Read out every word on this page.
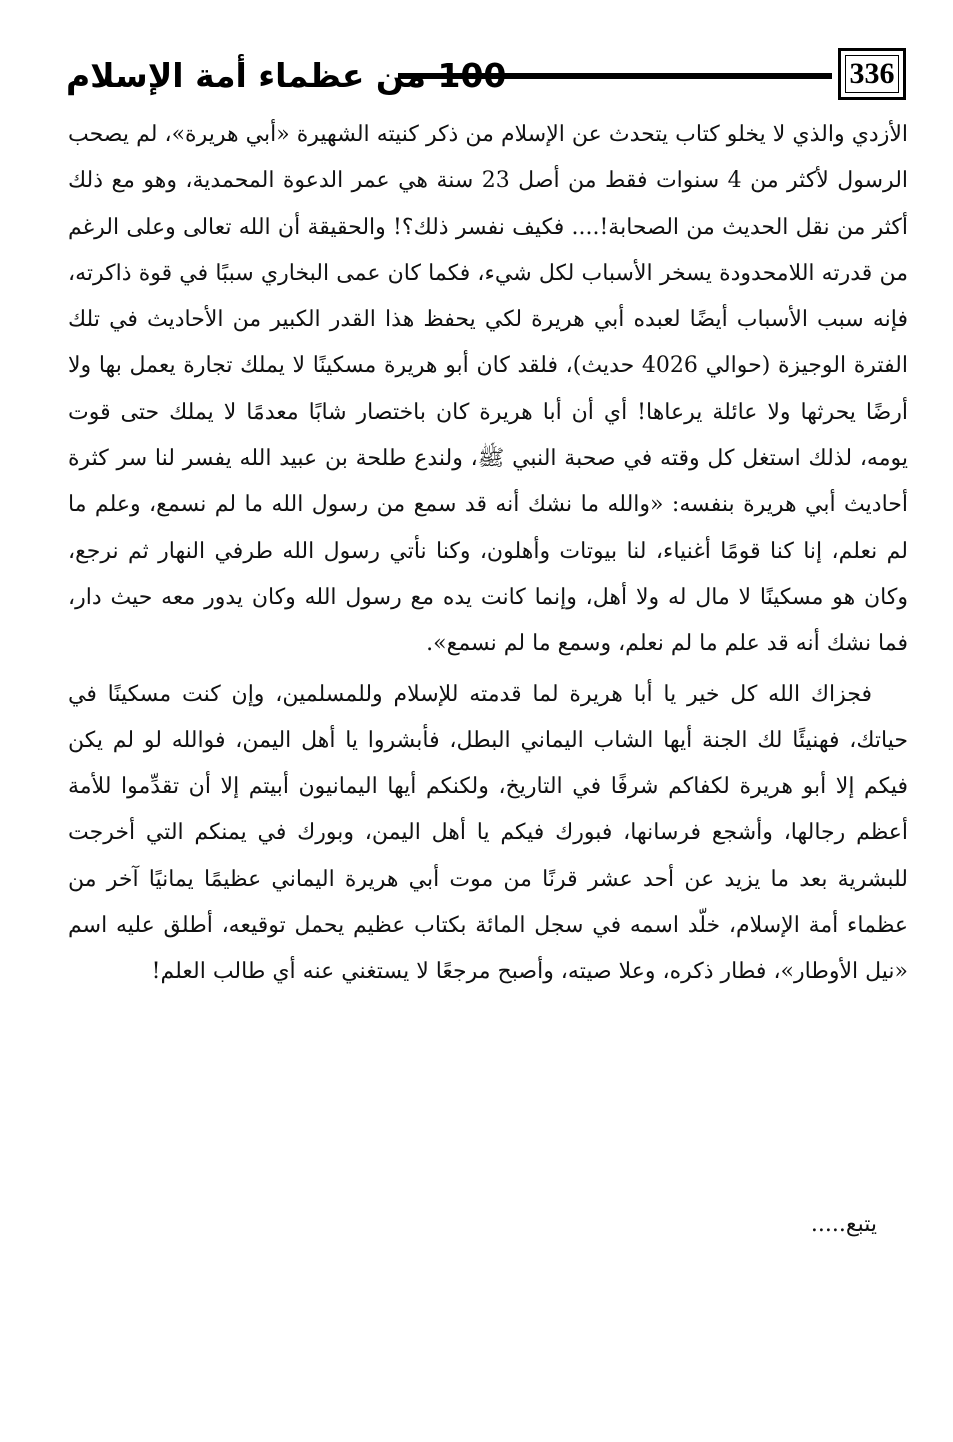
100 من عظماء أمة الإسلام	336

الأزدي والذي لا يخلو كتاب يتحدث عن الإسلام من ذكر كنيته الشهيرة «أبي هريرة»، لم يصحب الرسول لأكثر من 4 سنوات فقط من أصل 23 سنة هي عمر الدعوة المحمدية، وهو مع ذلك أكثر من نقل الحديث من الصحابة!.... فكيف نفسر ذلك؟! والحقيقة أن الله تعالى وعلى الرغم من قدرته اللامحدودة يسخر الأسباب لكل شيء، فكما كان عمى البخاري سببًا في قوة ذاكرته، فإنه سبب الأسباب أيضًا لعبده أبي هريرة لكي يحفظ هذا القدر الكبير من الأحاديث في تلك الفترة الوجيزة (حوالي 4026 حديث)، فلقد كان أبو هريرة مسكينًا لا يملك تجارة يعمل بها ولا أرضًا يحرثها ولا عائلة يرعاها! أي أن أبا هريرة كان باختصار شابًا معدمًا لا يملك حتى قوت يومه، لذلك استغل كل وقته في صحبة النبي ﷺ، ولندع طلحة بن عبيد الله يفسر لنا سر كثرة أحاديث أبي هريرة بنفسه: «والله ما نشك أنه قد سمع من رسول الله ما لم نسمع، وعلم ما لم نعلم، إنا كنا قومًا أغنياء، لنا بيوتات وأهلون، وكنا نأتي رسول الله طرفي النهار ثم نرجع، وكان هو مسكينًا لا مال له ولا أهل، وإنما كانت يده مع رسول الله وكان يدور معه حيث دار، فما نشك أنه قد علم ما لم نعلم، وسمع ما لم نسمع».

فجزاك الله كل خير يا أبا هريرة لما قدمته للإسلام وللمسلمين، وإن كنت مسكينًا في حياتك، فهنيئًا لك الجنة أيها الشاب اليماني البطل، فأبشروا يا أهل اليمن، فوالله لو لم يكن فيكم إلا أبو هريرة لكفاكم شرفًا في التاريخ، ولكنكم أيها اليمانيون أبيتم إلا أن تقدِّموا للأمة أعظم رجالها، وأشجع فرسانها، فبورك فيكم يا أهل اليمن، وبورك في يمنكم التي أخرجت للبشرية بعد ما يزيد عن أحد عشر قرنًا من موت أبي هريرة اليماني عظيمًا يمانيًا آخر من عظماء أمة الإسلام، خلّد اسمه في سجل المائة بكتاب عظيم يحمل توقيعه، أطلق عليه اسم «نيل الأوطار»، فطار ذكره، وعلا صيته، وأصبح مرجعًا لا يستغني عنه أي طالب العلم!

يتبع.....
